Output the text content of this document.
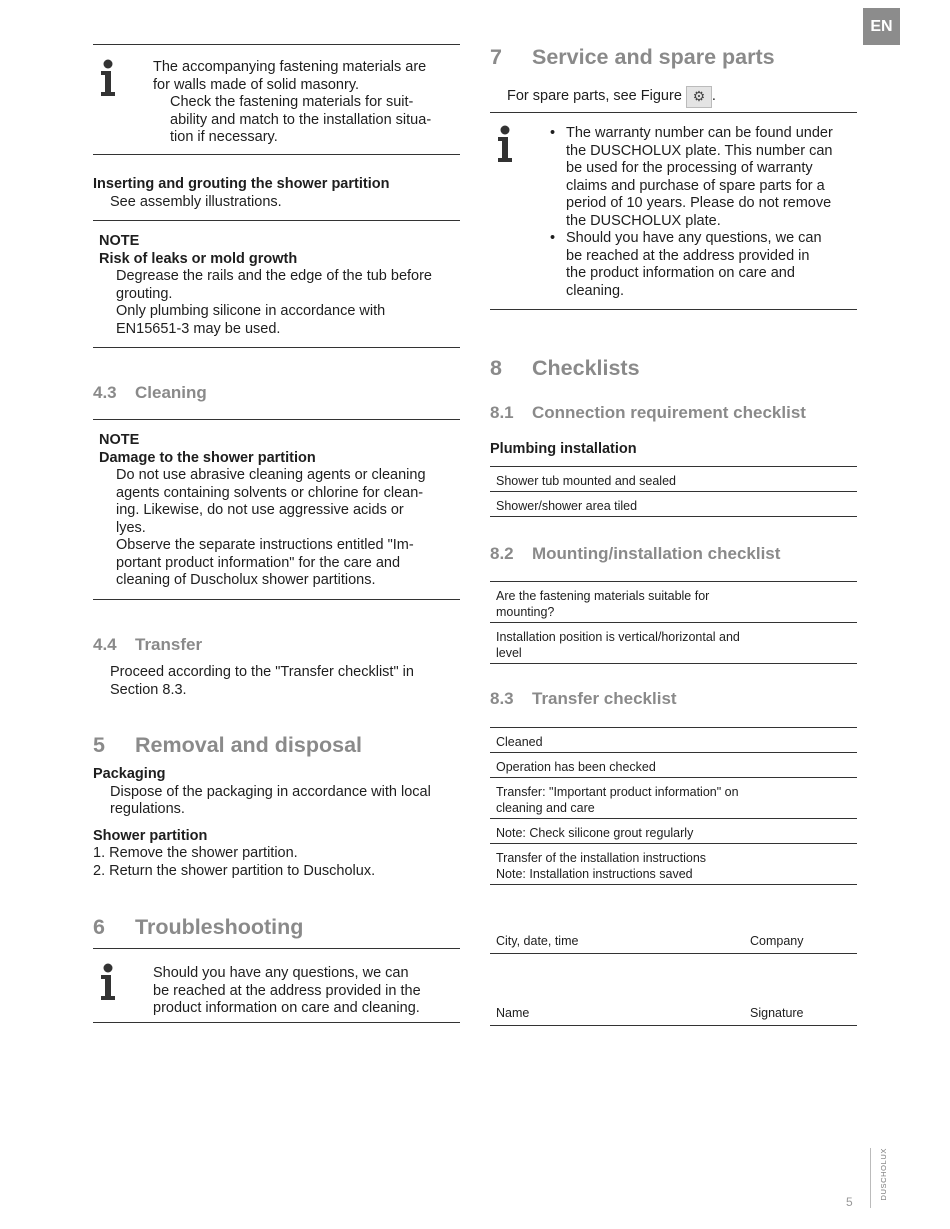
EN
The accompanying fastening materials are
for walls made of solid masonry.
Check the fastening materials for suit-
ability and match to the installation situa-
tion if necessary.
Inserting and grouting the shower partition
See assembly illustrations.
NOTE
Risk of leaks or mold growth
Degrease the rails and the edge of the tub before
grouting.
Only plumbing silicone in accordance with
EN15651-3 may be used.
4.3 Cleaning
NOTE
Damage to the shower partition
Do not use abrasive cleaning agents or cleaning
agents containing solvents or chlorine for clean-
ing. Likewise, do not use aggressive acids or
lyes.
Observe the separate instructions entitled "Im-
portant product information" for the care and
cleaning of Duscholux shower partitions.
4.4 Transfer
Proceed according to the "Transfer checklist" in
Section 8.3.
5 Removal and disposal
Packaging
Dispose of the packaging in accordance with local
regulations.
Shower partition
1. Remove the shower partition.
2. Return the shower partition to Duscholux.
6 Troubleshooting
Should you have any questions, we can
be reached at the address provided in the
product information on care and cleaning.
7 Service and spare parts
For spare parts, see Figure ⚙ .
• The warranty number can be found under
the DUSCHOLUX plate. This number can
be used for the processing of warranty
claims and purchase of spare parts for a
period of 10 years. Please do not remove
the DUSCHOLUX plate.
• Should you have any questions, we can
be reached at the address provided in
the product information on care and
cleaning.
8 Checklists
8.1 Connection requirement checklist
Plumbing installation
Shower tub mounted and sealed
Shower/shower area tiled
8.2 Mounting/installation checklist
Are the fastening materials suitable for
mounting?

Installation position is vertical/horizontal and
level
8.3 Transfer checklist
Cleaned

Operation has been checked

Transfer: "Important product information" on
cleaning and care

Note: Check silicone grout regularly

Transfer of the installation instructions
Note: Installation instructions saved
City, date, time	Company
Name	Signature
DUSCHOLUX
5
